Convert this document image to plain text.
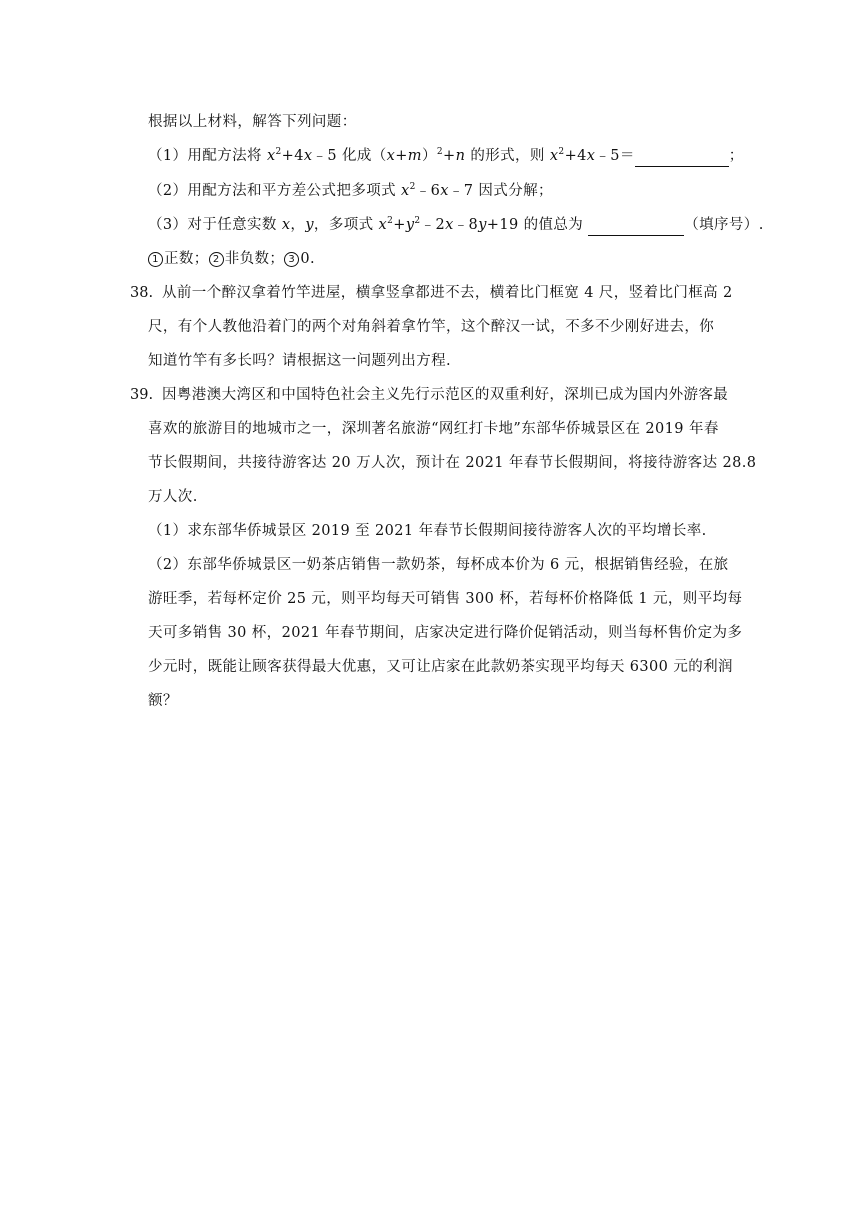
根据以上材料，解答下列问题：
（1）用配方法将 $x^2+4x﹣5$ 化成$(x+m)^2+n$ 的形式，则 $x^2+4x﹣5=$	；
（2）用配方法和平方差公式把多项式 $x^2﹣6x﹣7$ 因式分解；
（3）对于任意实数 x，y，多项式 $x^2+y^2﹣2x﹣8y+19$ 的值总为	（填序号）.
1 正数； 2 非负数； 3 0.
38. 从前一个醉汉拿着竹竿进屋，横拿竖拿都进不去，横着比门框宽 4 尺，竖着比门框高 2
尺，有个人教他沿着门的两个对角斜着拿竹竿，这个醉汉一试，不多不少刚好进去，你
知道竹竿有多长吗？请根据这一问题列出方程.
39. 因粤港澳大湾区和中国特色社会主义先行示范区的双重利好，深圳已成为国内外游客最
喜欢的旅游目的地城市之一，深圳著名旅游“网红打卡地”东部华侨城景区在 2019 年春
节长假期间，共接待游客达 20 万人次，预计在 2021 年春节长假期间，将接待游客达 28.8
万人次.
（1）求东部华侨城景区 2019 至 2021 年春节长假期间接待游客人次的平均增长率.
（2）东部华侨城景区一奶茶店销售一款奶茶，每杯成本价为 6 元，根据销售经验，在旅
游旺季，若每杯定价 25 元，则平均每天可销售 300 杯，若每杯价格降低 1 元，则平均每
天可多销售 30 杯，2021 年春节期间，店家决定进行降价促销活动，则当每杯售价定为多
少元时，既能让顾客获得最大优惠，又可让店家在此款奶茶实现平均每天 6300 元的利润
额？
